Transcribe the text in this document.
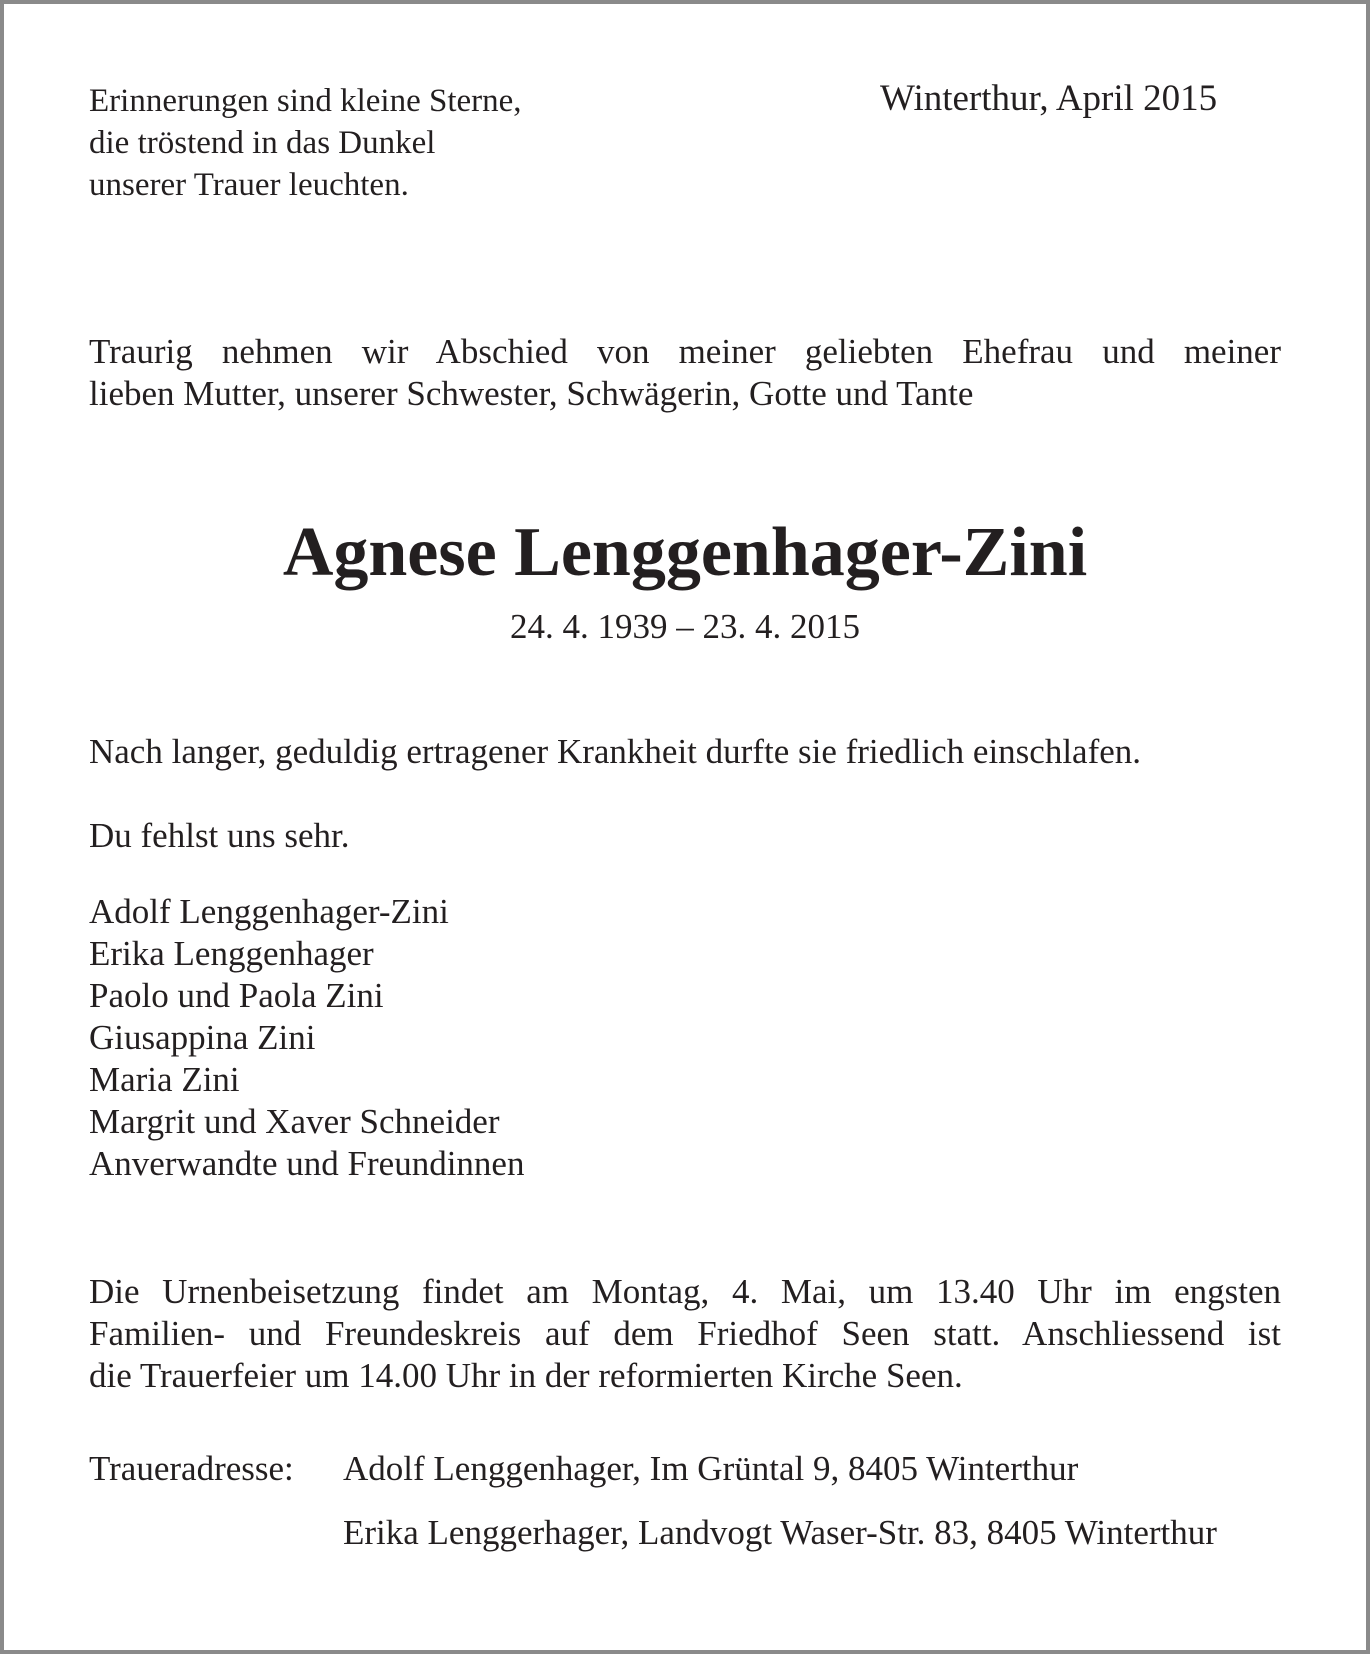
Erinnerungen sind kleine Sterne,
die tröstend in das Dunkel
unserer Trauer leuchten.
Winterthur, April 2015
Traurig nehmen wir Abschied von meiner geliebten Ehefrau und meiner
lieben Mutter, unserer Schwester, Schwägerin, Gotte und Tante
Agnese Lenggenhager-Zini
24. 4. 1939 – 23. 4. 2015
Nach langer, geduldig ertragener Krankheit durfte sie friedlich einschlafen.
Du fehlst uns sehr.
Adolf Lenggenhager-Zini
Erika Lenggenhager
Paolo und Paola Zini
Giusappina Zini
Maria Zini
Margrit und Xaver Schneider
Anverwandte und Freundinnen
Die Urnenbeisetzung findet am Montag, 4. Mai, um 13.40 Uhr im engsten
Familien- und Freundeskreis auf dem Friedhof Seen statt. Anschliessend ist
die Trauerfeier um 14.00 Uhr in der reformierten Kirche Seen.
Traueradresse: Adolf Lenggenhager, Im Grüntal 9, 8405 Winterthur
Erika Lenggerhager, Landvogt Waser-Str. 83, 8405 Winterthur
